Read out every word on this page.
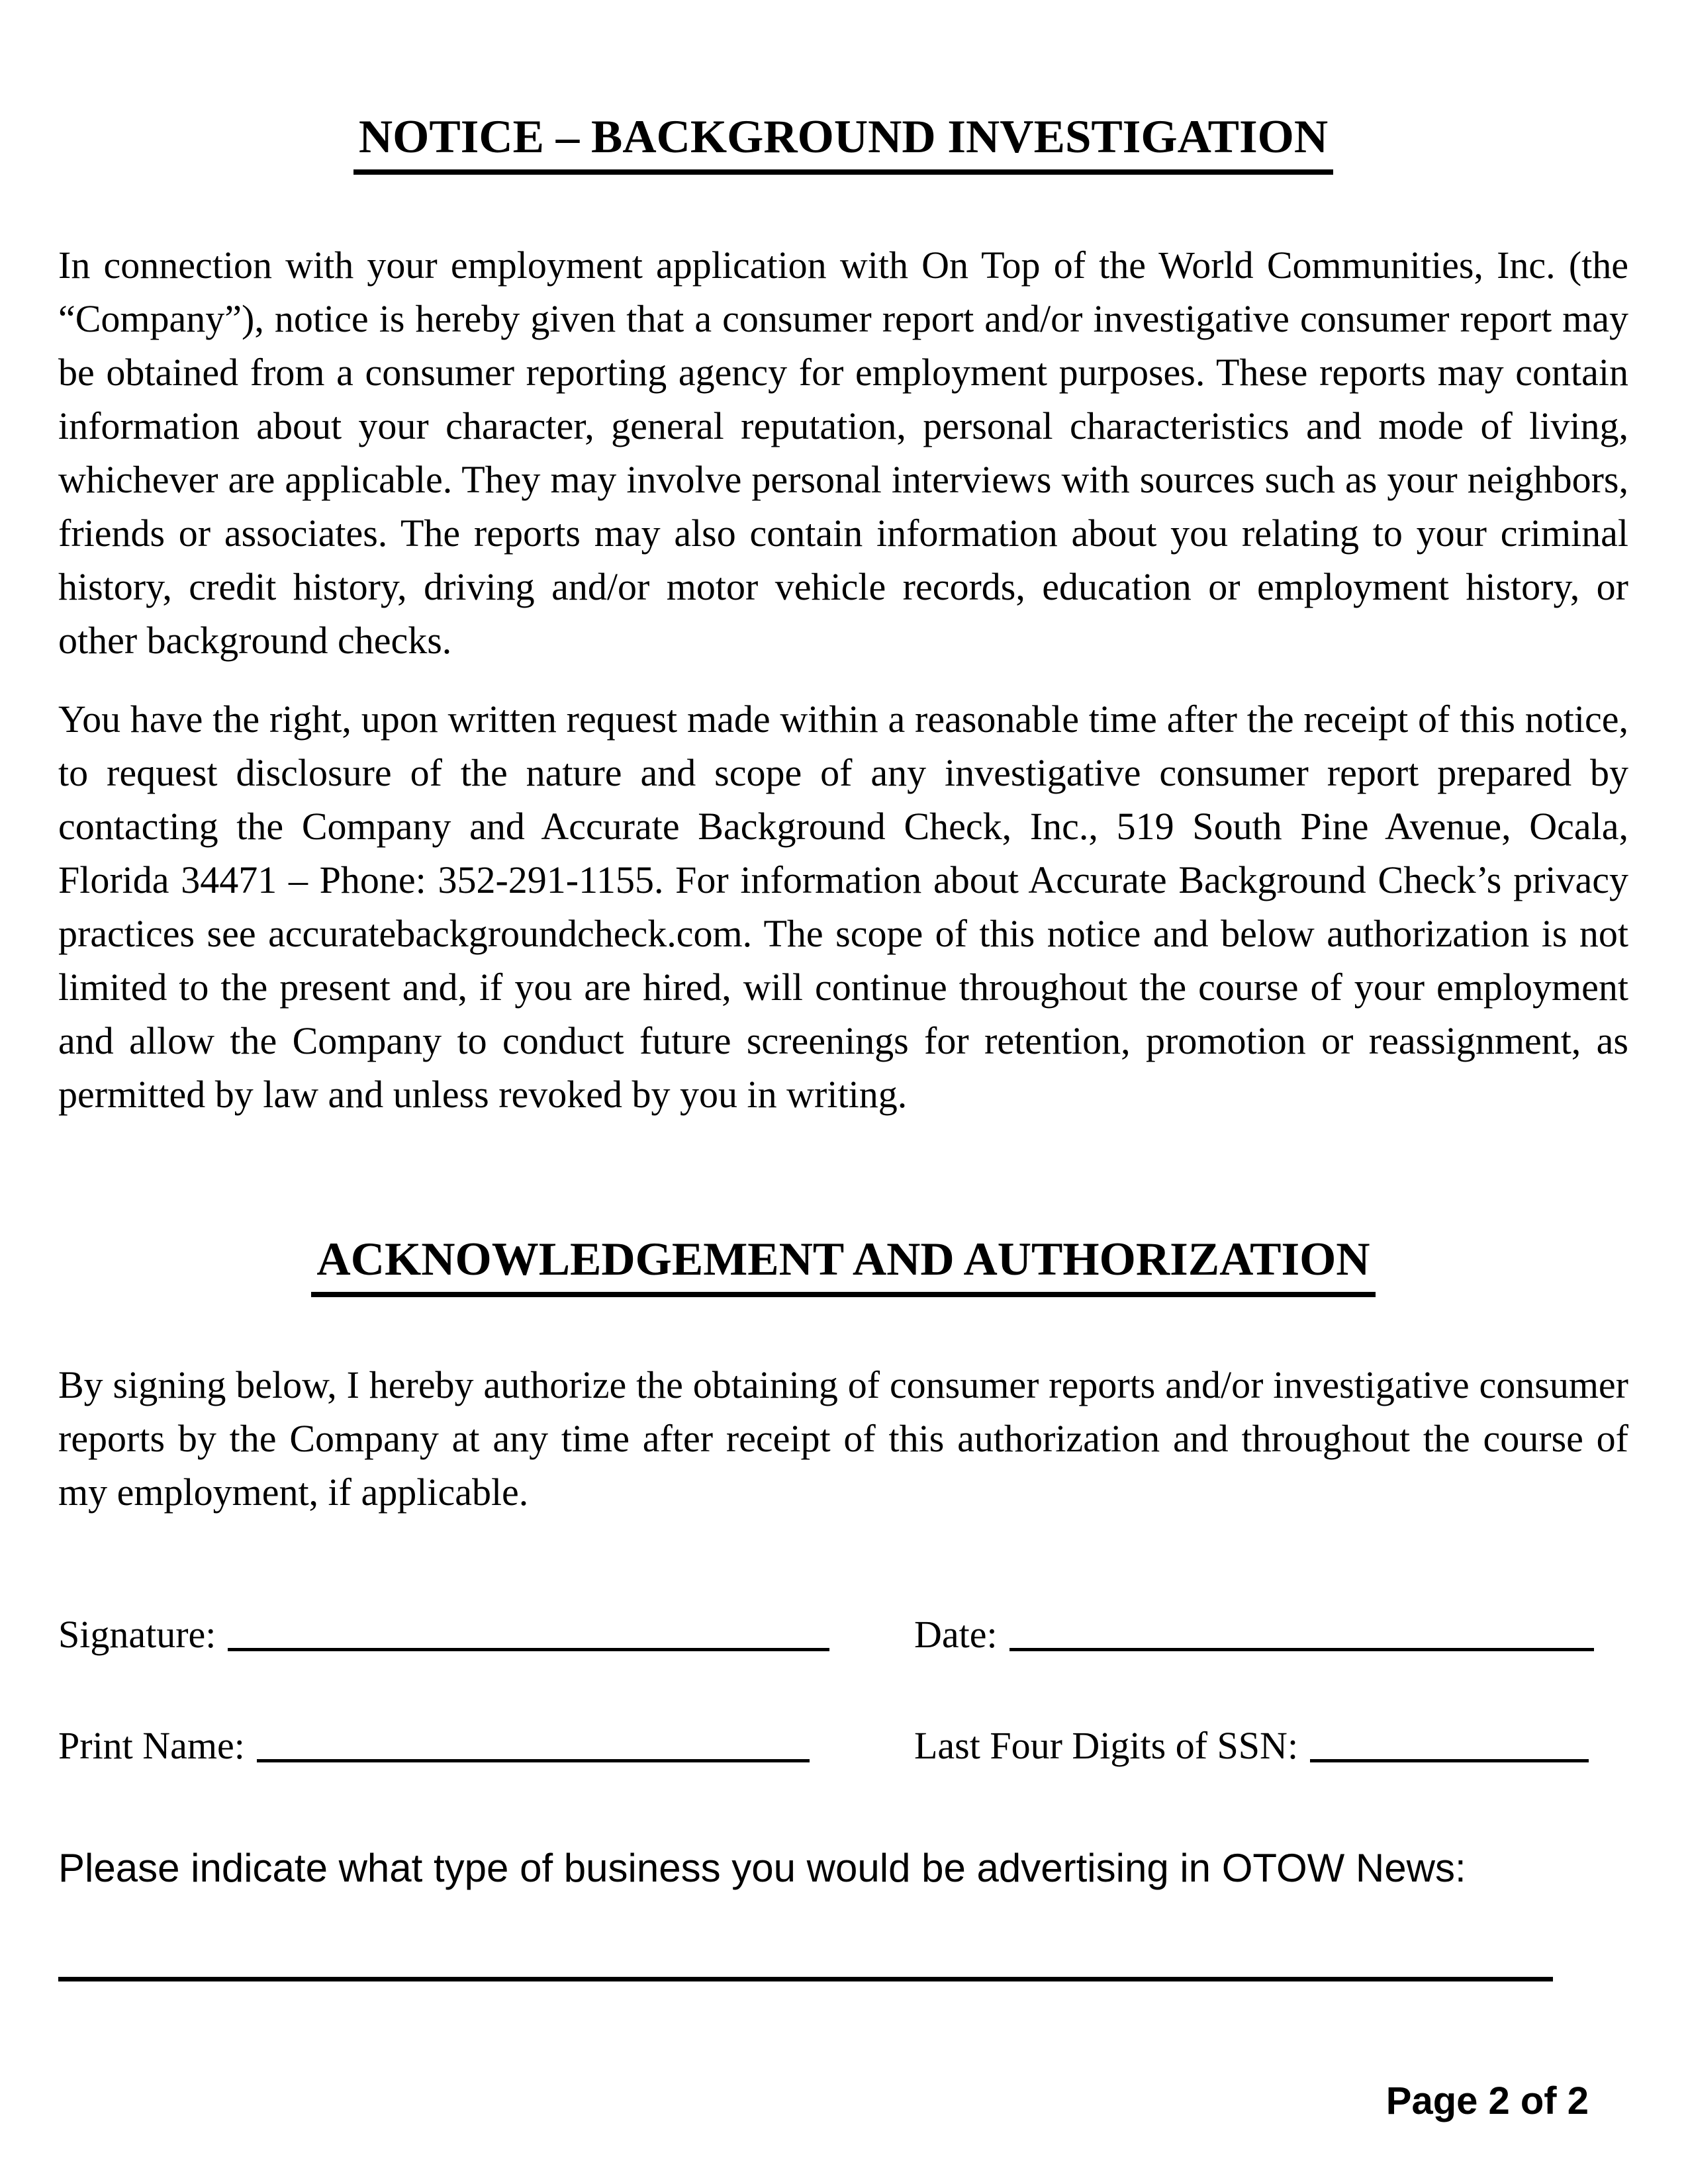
NOTICE – BACKGROUND INVESTIGATION

In connection with your employment application with On Top of the World Communities, Inc. (the “Company”), notice is hereby given that a consumer report and/or investigative consumer report may be obtained from a consumer reporting agency for employment purposes. These reports may contain information about your character, general reputation, personal characteristics and mode of living, whichever are applicable. They may involve personal interviews with sources such as your neighbors, friends or associates. The reports may also contain information about you relating to your criminal history, credit history, driving and/or motor vehicle records, education or employment history, or other background checks.

You have the right, upon written request made within a reasonable time after the receipt of this notice, to request disclosure of the nature and scope of any investigative consumer report prepared by contacting the Company and Accurate Background Check, Inc., 519 South Pine Avenue, Ocala, Florida 34471 – Phone: 352-291-1155. For information about Accurate Background Check’s privacy practices see accuratebackgroundcheck.com. The scope of this notice and below authorization is not limited to the present and, if you are hired, will continue throughout the course of your employment and allow the Company to conduct future screenings for retention, promotion or reassignment, as permitted by law and unless revoked by you in writing.

ACKNOWLEDGEMENT AND AUTHORIZATION

By signing below, I hereby authorize the obtaining of consumer reports and/or investigative consumer reports by the Company at any time after receipt of this authorization and throughout the course of my employment, if applicable.

Signature:	Date:
Print Name:	Last Four Digits of SSN:

Please indicate what type of business you would be advertising in OTOW News:

Page 2 of 2
